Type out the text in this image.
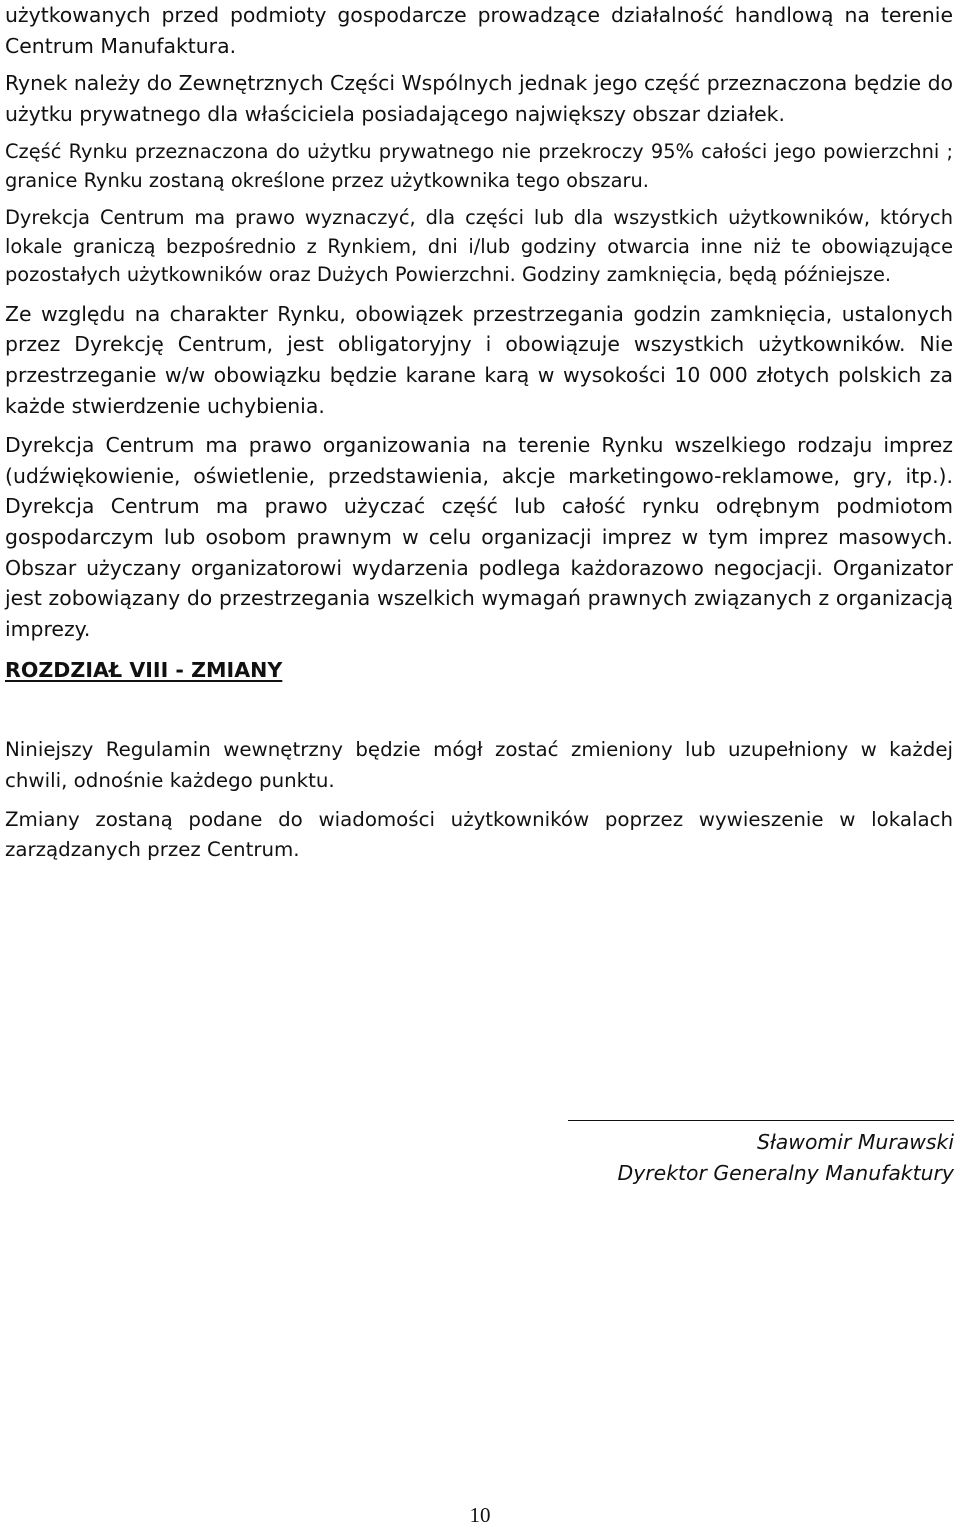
użytkowanych przed podmioty gospodarcze prowadzące działalność handlową na terenie Centrum Manufaktura.

Rynek należy do Zewnętrznych Części Wspólnych jednak jego część przeznaczona będzie do użytku prywatnego dla właściciela posiadającego największy obszar działek.

Część Rynku przeznaczona do użytku prywatnego nie przekroczy 95% całości jego powierzchni ; granice Rynku zostaną określone przez użytkownika tego obszaru.

Dyrekcja Centrum ma prawo wyznaczyć, dla części lub dla wszystkich użytkowników, których lokale graniczą bezpośrednio z Rynkiem, dni i/lub godziny otwarcia inne niż te obowiązujące pozostałych użytkowników oraz Dużych Powierzchni. Godziny zamknięcia, będą późniejsze.

Ze względu na charakter Rynku, obowiązek przestrzegania godzin zamknięcia, ustalonych przez Dyrekcję Centrum, jest obligatoryjny i obowiązuje wszystkich użytkowników. Nie przestrzeganie w/w obowiązku będzie karane karą w wysokości 10 000 złotych polskich za każde stwierdzenie uchybienia.

Dyrekcja Centrum ma prawo organizowania na terenie Rynku wszelkiego rodzaju imprez (udźwiękowienie, oświetlenie, przedstawienia, akcje marketingowo-reklamowe, gry, itp.). Dyrekcja Centrum ma prawo użyczać część lub całość rynku odrębnym podmiotom gospodarczym lub osobom prawnym w celu organizacji imprez w tym imprez masowych. Obszar użyczany organizatorowi wydarzenia podlega każdorazowo negocjacji. Organizator jest zobowiązany do przestrzegania wszelkich wymagań prawnych związanych z organizacją imprezy.

ROZDZIAŁ VIII - ZMIANY

Niniejszy Regulamin wewnętrzny będzie mógł zostać zmieniony lub uzupełniony w każdej chwili, odnośnie każdego punktu.

Zmiany zostaną podane do wiadomości użytkowników poprzez wywieszenie w lokalach zarządzanych przez Centrum.

Sławomir Murawski

Dyrektor Generalny Manufaktury

10
